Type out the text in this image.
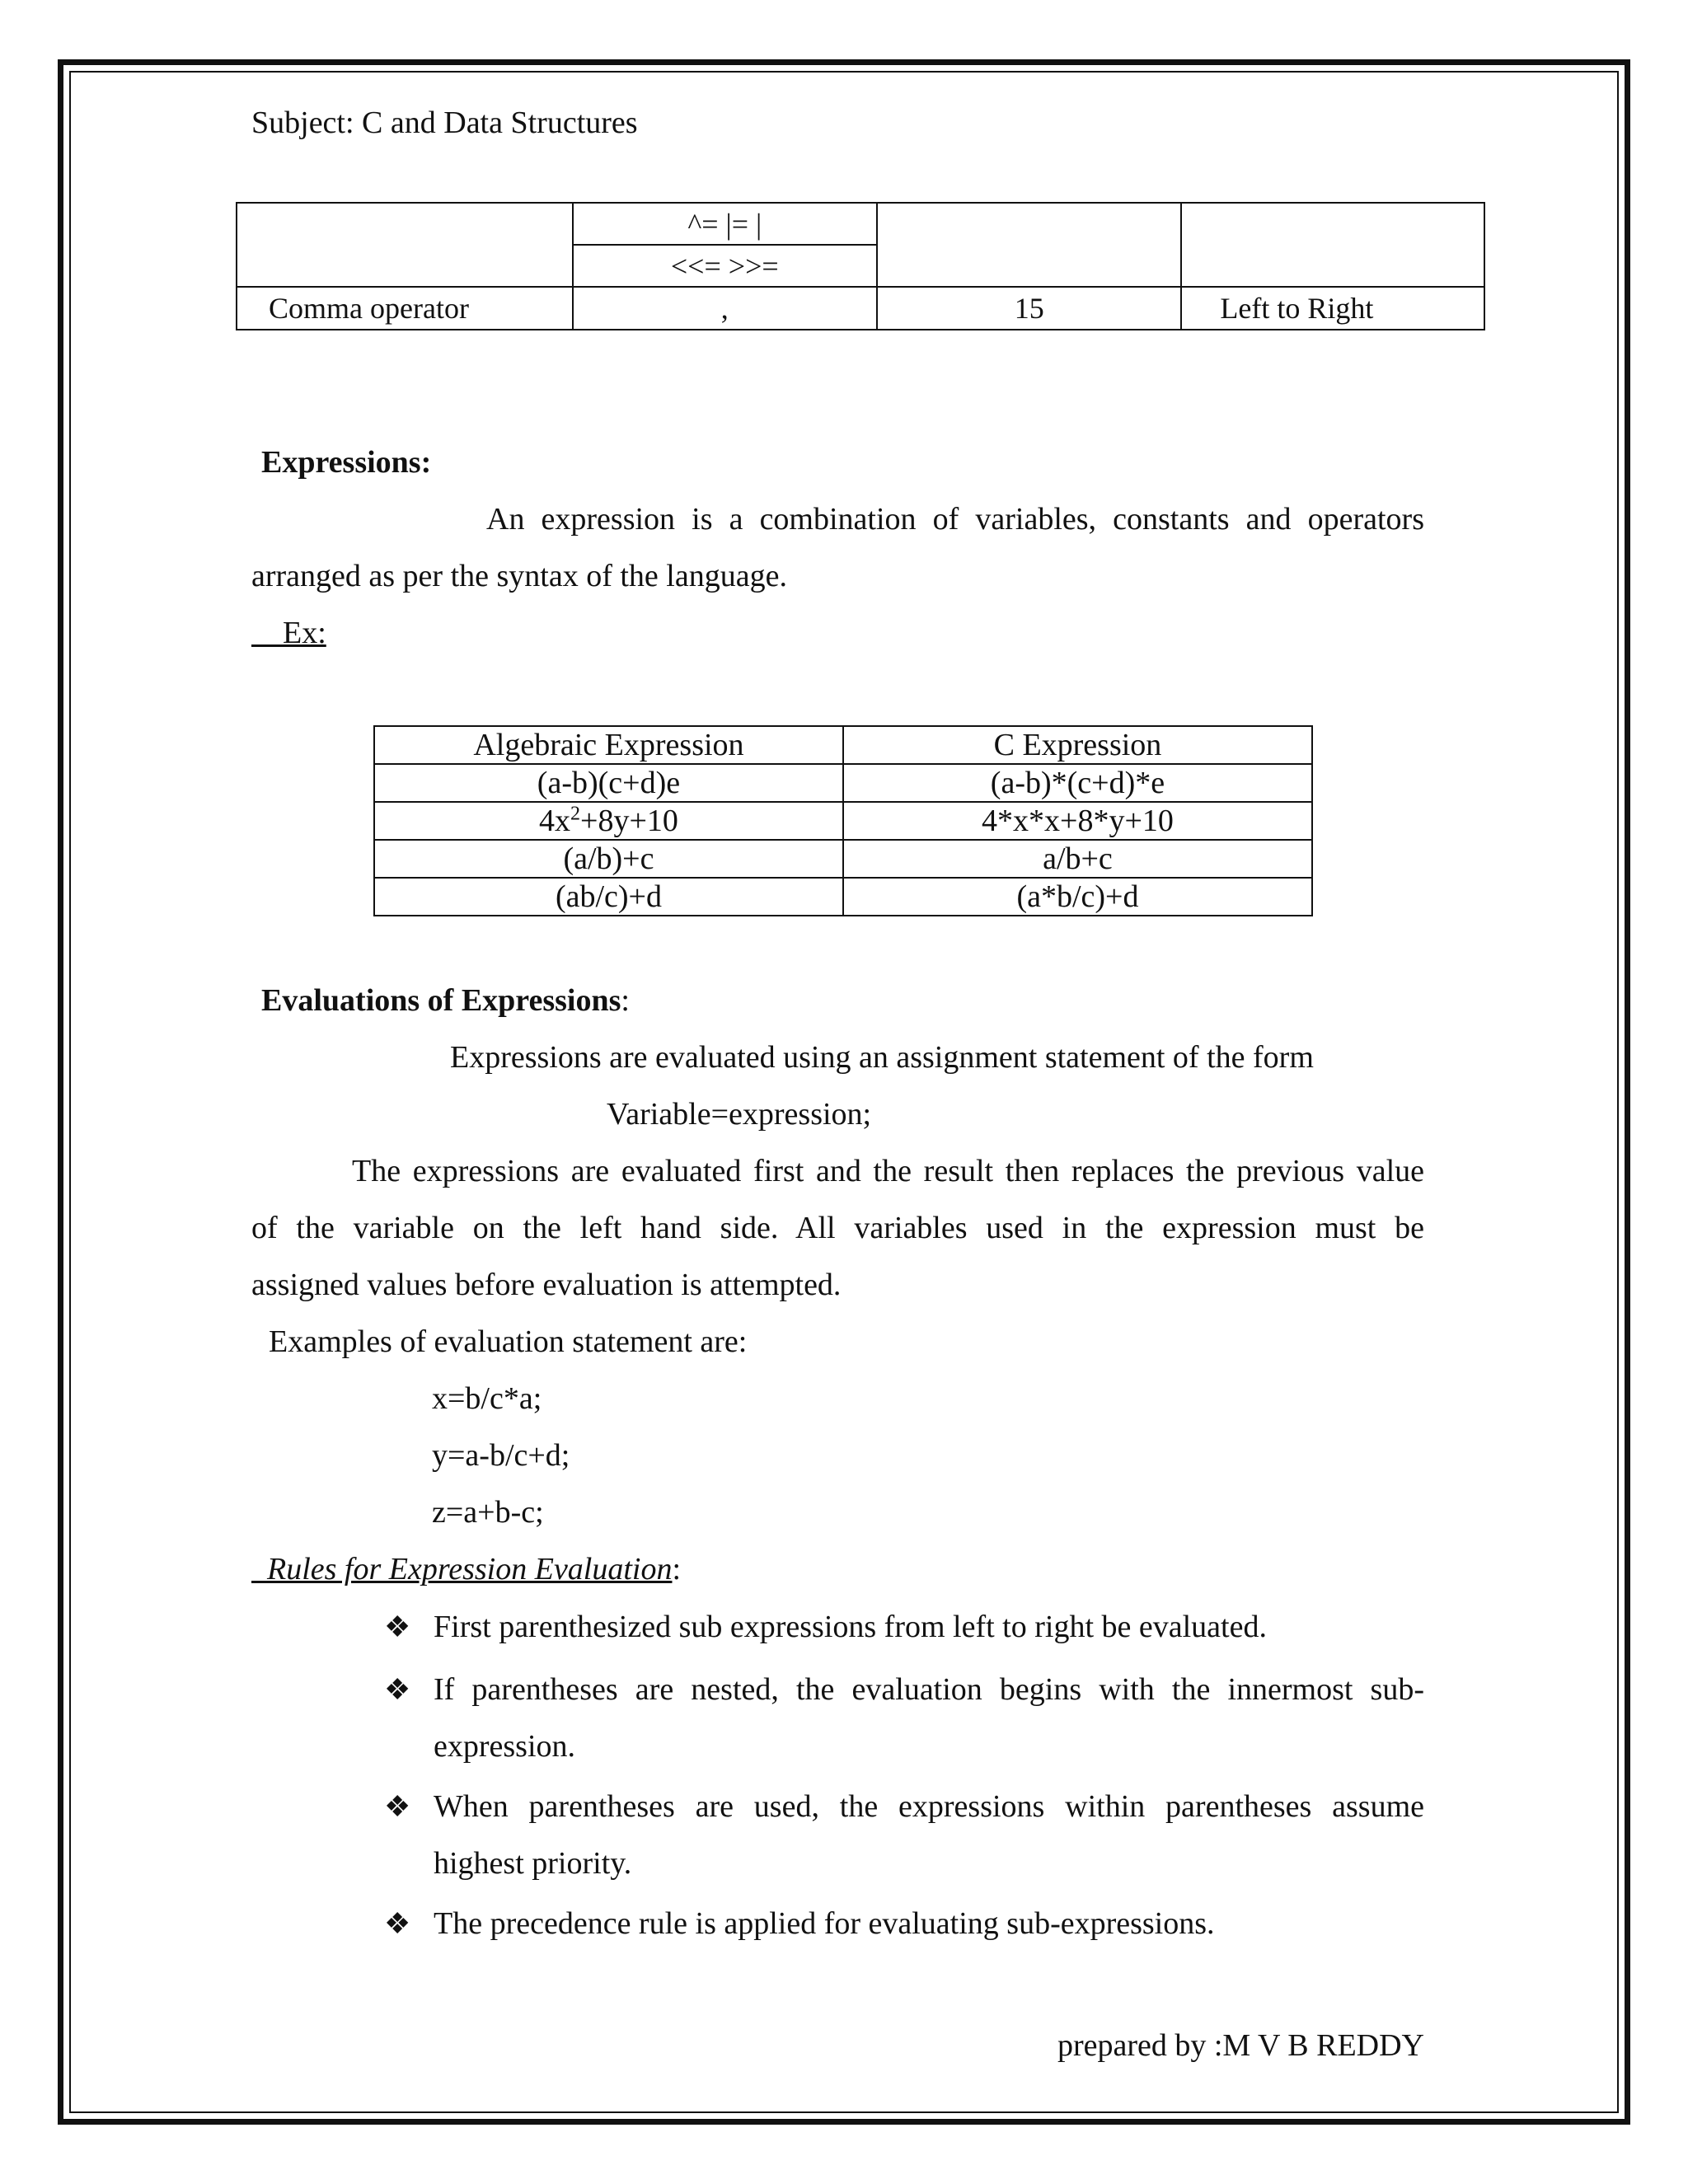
Subject: C and Data Structures
	^= |= |		
	<<= >>=		
Comma operator	,	15	Left to Right
Expressions:
An expression is a combination of variables, constants and operators
arranged as per the syntax of the language.
Ex:
Algebraic Expression	C Expression
(a-b)(c+d)e	(a-b)*(c+d)*e
$4x^2+8y+10$	4*x*x+8*y+10
(a/b)+c	a/b+c
(ab/c)+d	(a*b/c)+d
Evaluations of Expressions:
Expressions are evaluated using an assignment statement of the form
Variable=expression;
The expressions are evaluated first and the result then replaces the previous value
of the variable on the left hand side. All variables used in the expression must be
assigned values before evaluation is attempted.
Examples of evaluation statement are:
x=b/c*a;
y=a-b/c+d;
z=a+b-c;
Rules for Expression Evaluation:
❖ First parenthesized sub expressions from left to right be evaluated.
❖ If parentheses are nested, the evaluation begins with the innermost sub-
expression.
❖ When parentheses are used, the expressions within parentheses assume
highest priority.
❖ The precedence rule is applied for evaluating sub-expressions.
prepared by :M V B REDDY
